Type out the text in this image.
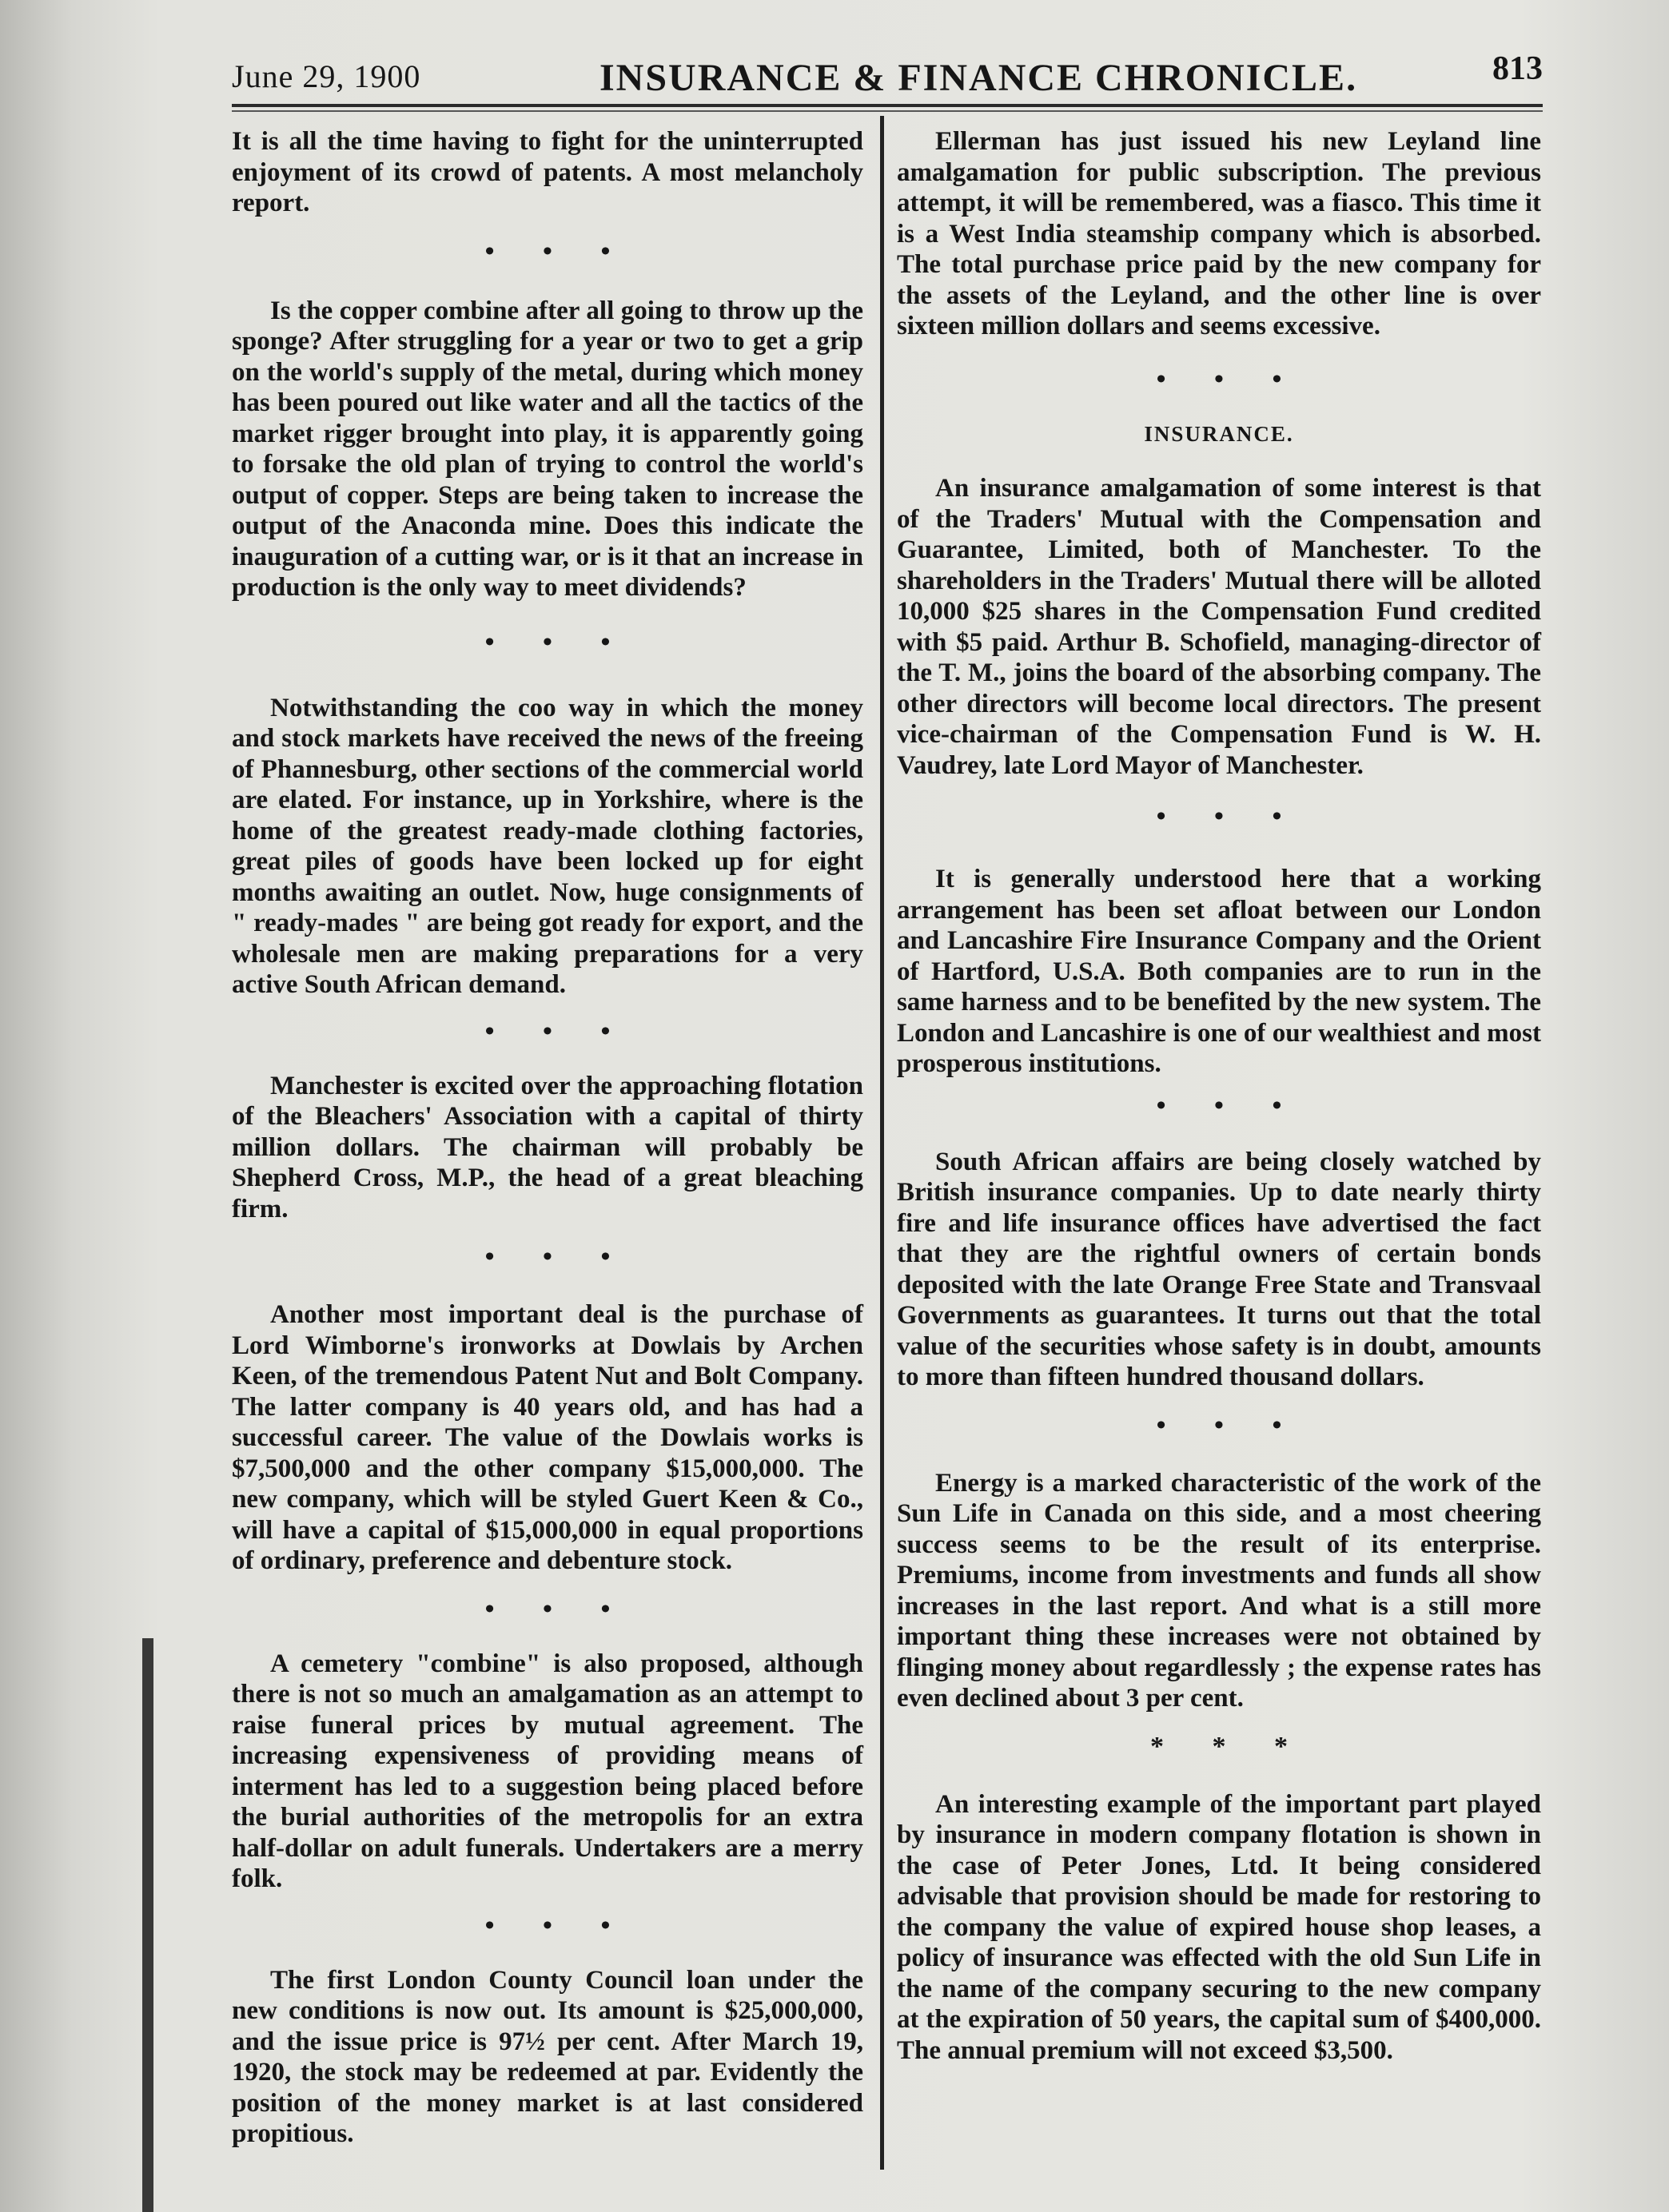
June 29, 1900	INSURANCE & FINANCE CHRONICLE.	813

It is all the time having to fight for the uninterrupted enjoyment of its crowd of patents. A most melancholy report.

• • •

Is the copper combine after all going to throw up the sponge? After struggling for a year or two to get a grip on the world's supply of the metal, during which money has been poured out like water and all the tactics of the market rigger brought into play, it is apparently going to forsake the old plan of trying to control the world's output of copper. Steps are being taken to increase the output of the Anaconda mine. Does this indicate the inauguration of a cutting war, or is it that an increase in production is the only way to meet dividends?

• • •

Notwithstanding the coo way in which the money and stock markets have received the news of the freeing of Phannesburg, other sections of the commercial world are elated. For instance, up in Yorkshire, where is the home of the greatest ready-made clothing factories, great piles of goods have been locked up for eight months awaiting an outlet. Now, huge consignments of " ready-mades " are being got ready for export, and the wholesale men are making preparations for a very active South African demand.

• • •

Manchester is excited over the approaching flotation of the Bleachers' Association with a capital of thirty million dollars. The chairman will probably be Shepherd Cross, M.P., the head of a great bleaching firm.

• • •

Another most important deal is the purchase of Lord Wimborne's ironworks at Dowlais by Archen Keen, of the tremendous Patent Nut and Bolt Company. The latter company is 40 years old, and has had a successful career. The value of the Dowlais works is $7,500,000 and the other company $15,000,000. The new company, which will be styled Guert Keen & Co., will have a capital of $15,000,000 in equal proportions of ordinary, preference and debenture stock.

• • •

A cemetery "combine" is also proposed, although there is not so much an amalgamation as an attempt to raise funeral prices by mutual agreement. The increasing expensiveness of providing means of interment has led to a suggestion being placed before the burial authorities of the metropolis for an extra half-dollar on adult funerals. Undertakers are a merry folk.

• • •

The first London County Council loan under the new conditions is now out. Its amount is $25,000,000, and the issue price is 97½ per cent. After March 19, 1920, the stock may be redeemed at par. Evidently the position of the money market is at last considered propitious.

Ellerman has just issued his new Leyland line amalgamation for public subscription. The previous attempt, it will be remembered, was a fiasco. This time it is a West India steamship company which is absorbed. The total purchase price paid by the new company for the assets of the Leyland, and the other line is over sixteen million dollars and seems excessive.

• • •
INSURANCE.

An insurance amalgamation of some interest is that of the Traders' Mutual with the Compensation and Guarantee, Limited, both of Manchester. To the shareholders in the Traders' Mutual there will be alloted 10,000 $25 shares in the Compensation Fund credited with $5 paid. Arthur B. Schofield, managing-director of the T. M., joins the board of the absorbing company. The other directors will become local directors. The present vice-chairman of the Compensation Fund is W. H. Vaudrey, late Lord Mayor of Manchester.

• • •

It is generally understood here that a working arrangement has been set afloat between our London and Lancashire Fire Insurance Company and the Orient of Hartford, U.S.A. Both companies are to run in the same harness and to be benefited by the new system. The London and Lancashire is one of our wealthiest and most prosperous institutions.

• • •

South African affairs are being closely watched by British insurance companies. Up to date nearly thirty fire and life insurance offices have advertised the fact that they are the rightful owners of certain bonds deposited with the late Orange Free State and Transvaal Governments as guarantees. It turns out that the total value of the securities whose safety is in doubt, amounts to more than fifteen hundred thousand dollars.

• • •

Energy is a marked characteristic of the work of the Sun Life in Canada on this side, and a most cheering success seems to be the result of its enterprise. Premiums, income from investments and funds all show increases in the last report. And what is a still more important thing these increases were not obtained by flinging money about regardlessly ; the expense rates has even declined about 3 per cent.

* * *

An interesting example of the important part played by insurance in modern company flotation is shown in the case of Peter Jones, Ltd. It being considered advisable that provision should be made for restoring to the company the value of expired house shop leases, a policy of insurance was effected with the old Sun Life in the name of the company securing to the new company at the expiration of 50 years, the capital sum of $400,000. The annual premium will not exceed $3,500.
